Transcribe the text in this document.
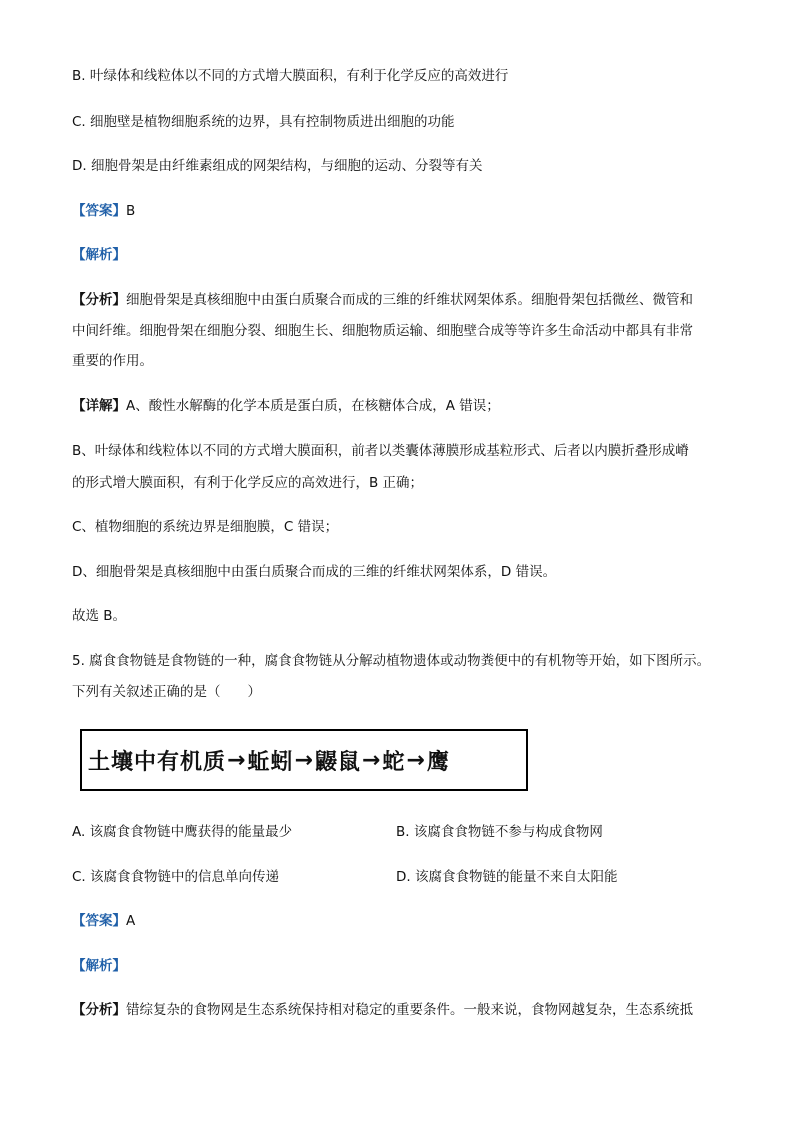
B. 叶绿体和线粒体以不同的方式增大膜面积，有利于化学反应的高效进行
C. 细胞壁是植物细胞系统的边界，具有控制物质进出细胞的功能
D. 细胞骨架是由纤维素组成的网架结构，与细胞的运动、分裂等有关
【答案】B
【解析】
【分析】细胞骨架是真核细胞中由蛋白质聚合而成的三维的纤维状网架体系。细胞骨架包括微丝、微管和
中间纤维。细胞骨架在细胞分裂、细胞生长、细胞物质运输、细胞壁合成等等许多生命活动中都具有非常
重要的作用。
【详解】A、酸性水解酶的化学本质是蛋白质，在核糖体合成，A 错误；
B、叶绿体和线粒体以不同的方式增大膜面积，前者以类囊体薄膜形成基粒形式、后者以内膜折叠形成嵴
的形式增大膜面积，有利于化学反应的高效进行，B 正确；
C、植物细胞的系统边界是细胞膜，C 错误；
D、细胞骨架是真核细胞中由蛋白质聚合而成的三维的纤维状网架体系，D 错误。
故选 B。
5. 腐食食物链是食物链的一种，腐食食物链从分解动植物遗体或动物粪便中的有机物等开始，如下图所示。
下列有关叙述正确的是（　　）
土壤中有机质 → 蚯蚓 → 鼹鼠 → 蛇 → 鹰
A. 该腐食食物链中鹰获得的能量最少	B. 该腐食食物链不参与构成食物网
C. 该腐食食物链中的信息单向传递	D. 该腐食食物链的能量不来自太阳能
【答案】A
【解析】
【分析】错综复杂的食物网是生态系统保持相对稳定的重要条件。一般来说，食物网越复杂，生态系统抵
